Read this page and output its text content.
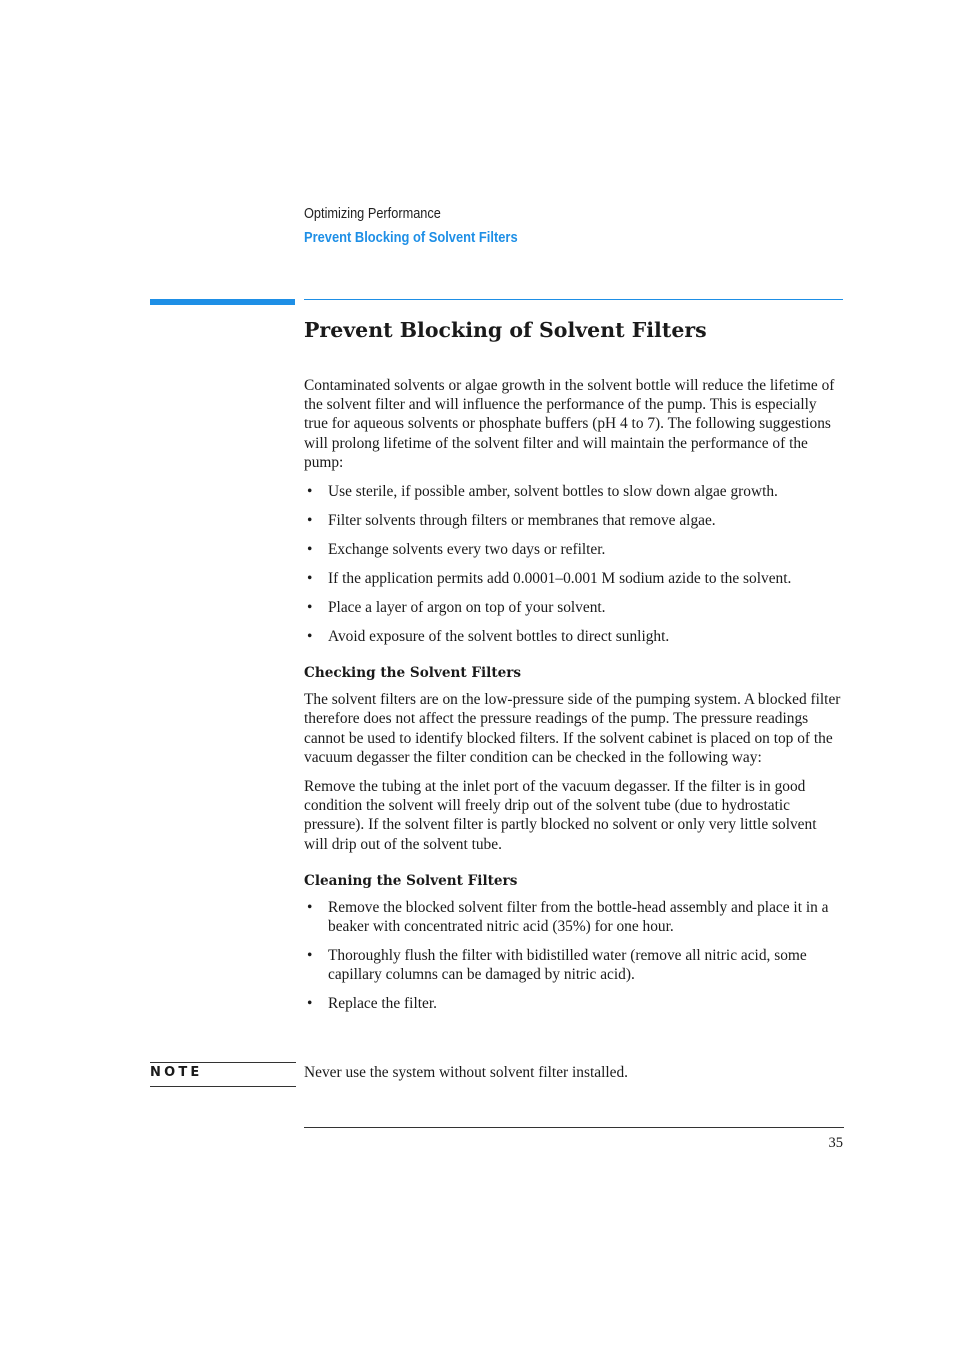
Optimizing Performance
Prevent Blocking of Solvent Filters
Prevent Blocking of Solvent Filters

Contaminated solvents or algae growth in the solvent bottle will reduce the lifetime of the solvent filter and will influence the performance of the pump. This is especially true for aqueous solvents or phosphate buffers (pH 4 to 7). The following suggestions will prolong lifetime of the solvent filter and will maintain the performance of the pump:

• Use sterile, if possible amber, solvent bottles to slow down algae growth.
• Filter solvents through filters or membranes that remove algae.
• Exchange solvents every two days or refilter.
• If the application permits add 0.0001–0.001 M sodium azide to the solvent.
• Place a layer of argon on top of your solvent.
• Avoid exposure of the solvent bottles to direct sunlight.
Checking the Solvent Filters

The solvent filters are on the low-pressure side of the pumping system. A blocked filter therefore does not affect the pressure readings of the pump. The pressure readings cannot be used to identify blocked filters. If the solvent cabinet is placed on top of the vacuum degasser the filter condition can be checked in the following way:

Remove the tubing at the inlet port of the vacuum degasser. If the filter is in good condition the solvent will freely drip out of the solvent tube (due to hydrostatic pressure). If the solvent filter is partly blocked no solvent or only very little solvent will drip out of the solvent tube.

Cleaning the Solvent Filters
• Remove the blocked solvent filter from the bottle-head assembly and place it in a beaker with concentrated nitric acid (35%) for one hour.
• Thoroughly flush the filter with bidistilled water (remove all nitric acid, some capillary columns can be damaged by nitric acid).
• Replace the filter.
NOTE	Never use the system without solvent filter installed.
35
